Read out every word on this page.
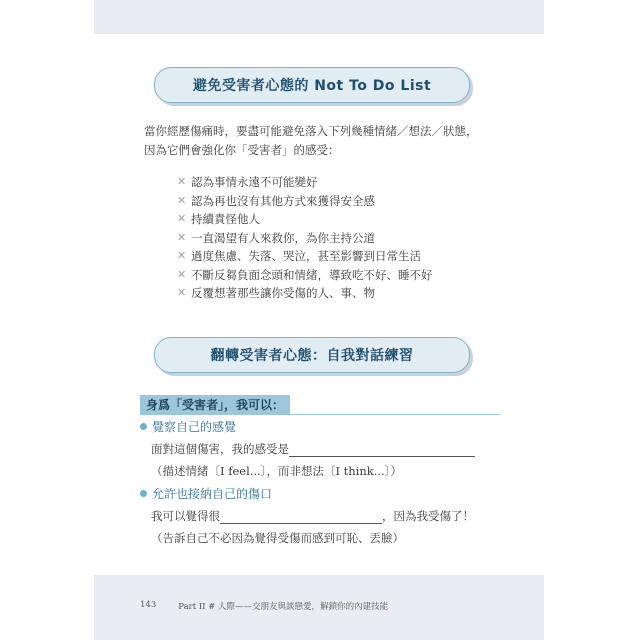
避免受害者心態的 Not To Do List

當你經歷傷痛時，要盡可能避免落入下列幾種情緒／想法／狀態，

因為它們會強化你「受害者」的感受：

✕ 認為事情永遠不可能變好
✕ 認為再也沒有其他方式來獲得安全感
✕ 持續責怪他人
✕ 一直渴望有人來救你，為你主持公道
✕ 過度焦慮、失落、哭泣，甚至影響到日常生活
✕ 不斷反芻負面念頭和情緒，導致吃不好、睡不好
✕ 反覆想著那些讓你受傷的人、事、物
翻轉受害者心態：自我對話練習
身爲「受害者」，我可以：
覺察自己的感覺
面對這個傷害，我的感受是
（描述情緒〔I feel...〕，而非想法〔I think...〕）
允許也接納自己的傷口
我可以覺得很	，因為我受傷了！
（告訴自己不必因為覺得受傷而感到可恥、丟臉）
143	Part II # 人際——交朋友與談戀愛，解鎖你的內建技能
